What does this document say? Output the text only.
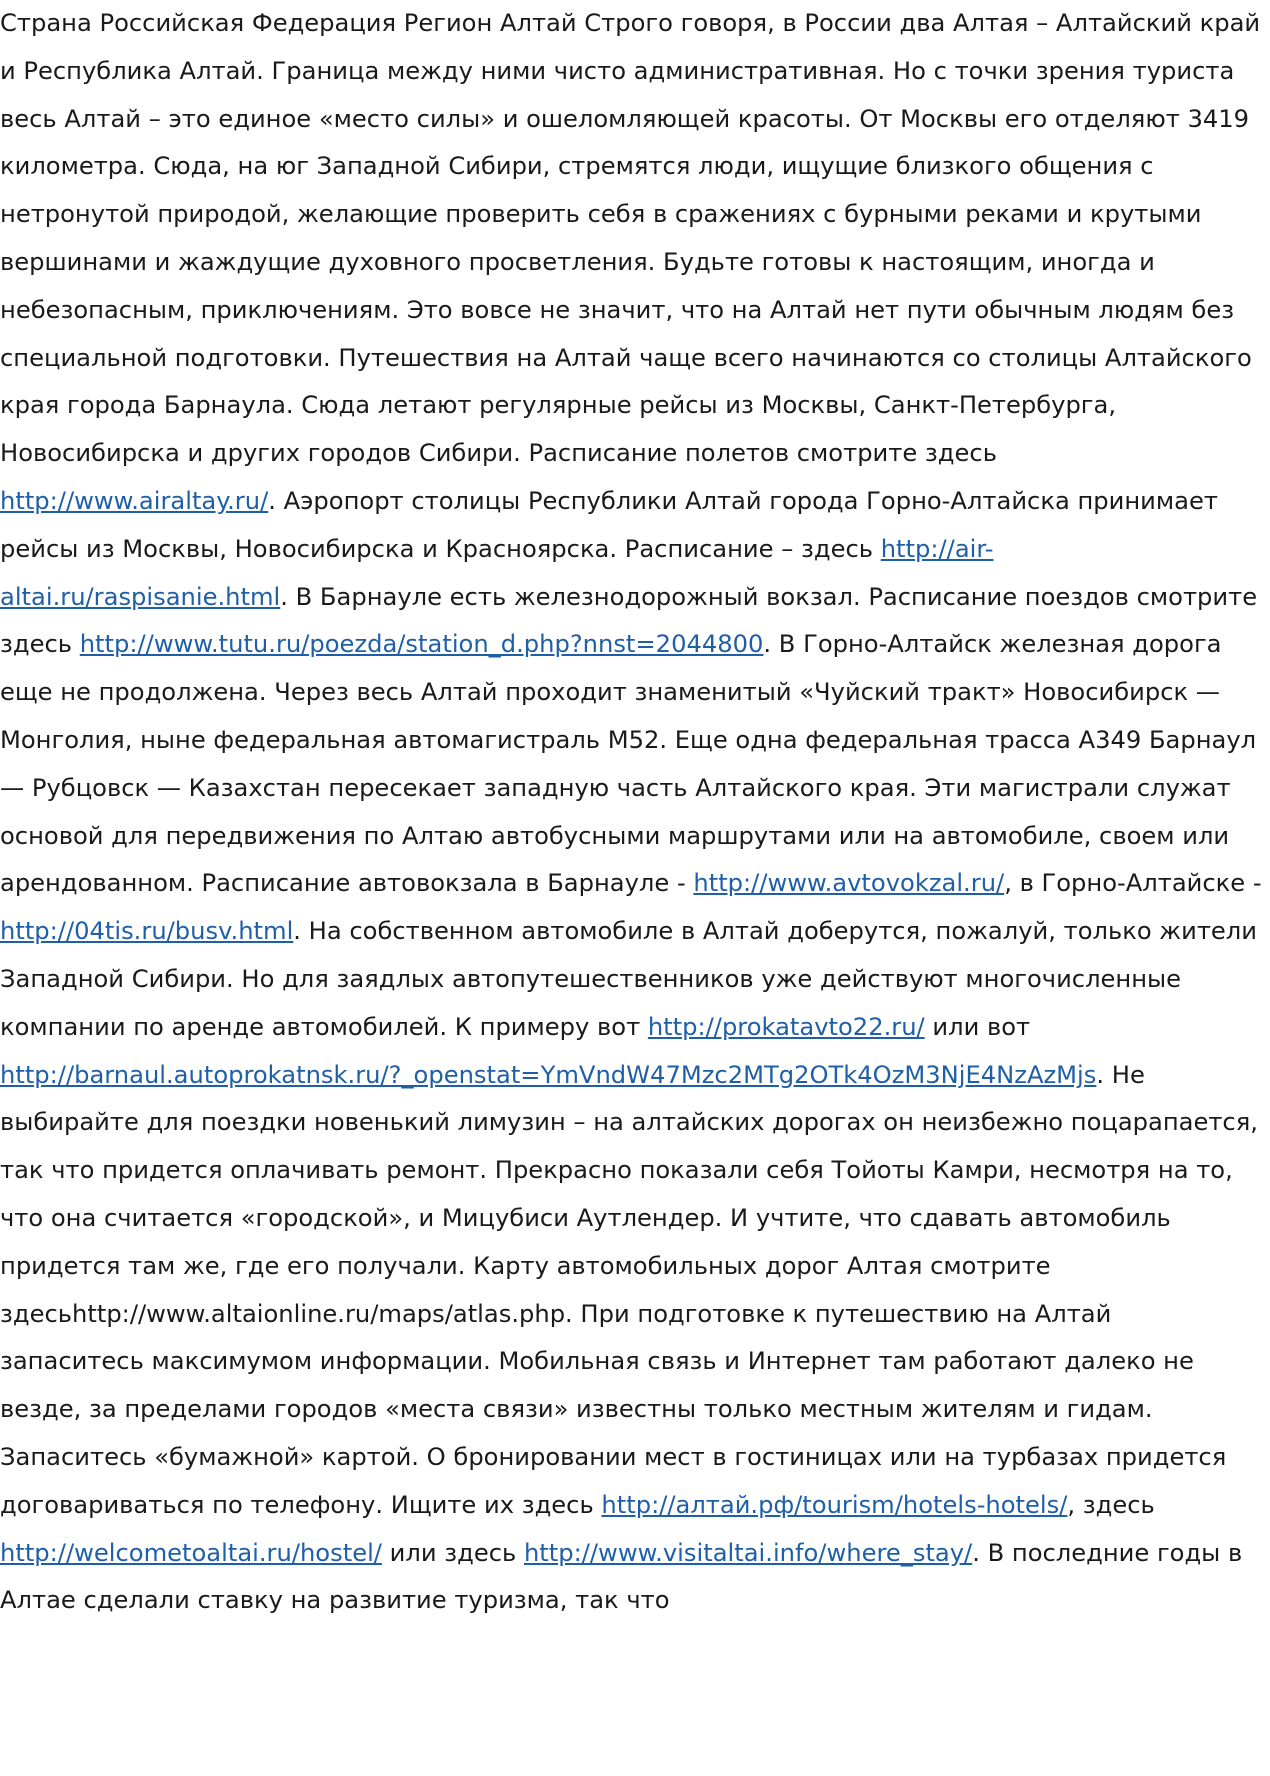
Страна Российская Федерация Регион Алтай Строго говоря, в России два Алтая – Алтайский край и Республика Алтай. Граница между ними чисто административная. Но с точки зрения туриста весь Алтай – это единое «место силы» и ошеломляющей красоты. От Москвы его отделяют 3419 километра. Сюда, на юг Западной Сибири, стремятся люди, ищущие близкого общения с нетронутой природой, желающие проверить себя в сражениях с бурными реками и крутыми вершинами и жаждущие духовного просветления. Будьте готовы к настоящим, иногда и небезопасным, приключениям. Это вовсе не значит, что на Алтай нет пути обычным людям без специальной подготовки. Путешествия на Алтай чаще всего начинаются со столицы Алтайского края города Барнаула. Сюда летают регулярные рейсы из Москвы, Санкт-Петербурга, Новосибирска и других городов Сибири. Расписание полетов смотрите здесь http://www.airaltay.ru/. Аэропорт столицы Республики Алтай города Горно-Алтайска принимает рейсы из Москвы, Новосибирска и Красноярска. Расписание – здесь http://air-altai.ru/raspisanie.html. В Барнауле есть железнодорожный вокзал. Расписание поездов смотрите здесь http://www.tutu.ru/poezda/station_d.php?nnst=2044800. В Горно-Алтайск железная дорога еще не продолжена. Через весь Алтай проходит знаменитый «Чуйский тракт» Новосибирск — Монголия, ныне федеральная автомагистраль М52. Еще одна федеральная трасса А349 Барнаул — Рубцовск — Казахстан пересекает западную часть Алтайского края. Эти магистрали служат основой для передвижения по Алтаю автобусными маршрутами или на автомобиле, своем или арендованном. Расписание автовокзала в Барнауле - http://www.avtovokzal.ru/, в Горно-Алтайске - http://04tis.ru/busv.html. На собственном автомобиле в Алтай доберутся, пожалуй, только жители Западной Сибири. Но для заядлых автопутешественников уже действуют многочисленные компании по аренде автомобилей. К примеру вот http://prokatavto22.ru/ или вот http://barnaul.autoprokatnsk.ru/?_openstat=YmVndW47Mzc2MTg2OTk4OzM3NjE4NzAzMjs. Не выбирайте для поездки новенький лимузин – на алтайских дорогах он неизбежно поцарапается, так что придется оплачивать ремонт. Прекрасно показали себя Тойоты Камри, несмотря на то, что она считается «городской», и Мицубиси Аутлендер. И учтите, что сдавать автомобиль придется там же, где его получали. Карту автомобильных дорог Алтая смотрите здесьhttp://www.altaionline.ru/maps/atlas.php. При подготовке к путешествию на Алтай запаситесь максимумом информации. Мобильная связь и Интернет там работают далеко не везде, за пределами городов «места связи» известны только местным жителям и гидам. Запаситесь «бумажной» картой. О бронировании мест в гостиницах или на турбазах придется договариваться по телефону. Ищите их здесь http://алтай.рф/tourism/hotels-hotels/, здесь http://welcometoaltai.ru/hostel/ или здесь http://www.visitaltai.info/where_stay/. В последние годы в Алтае сделали ставку на развитие туризма, так что
